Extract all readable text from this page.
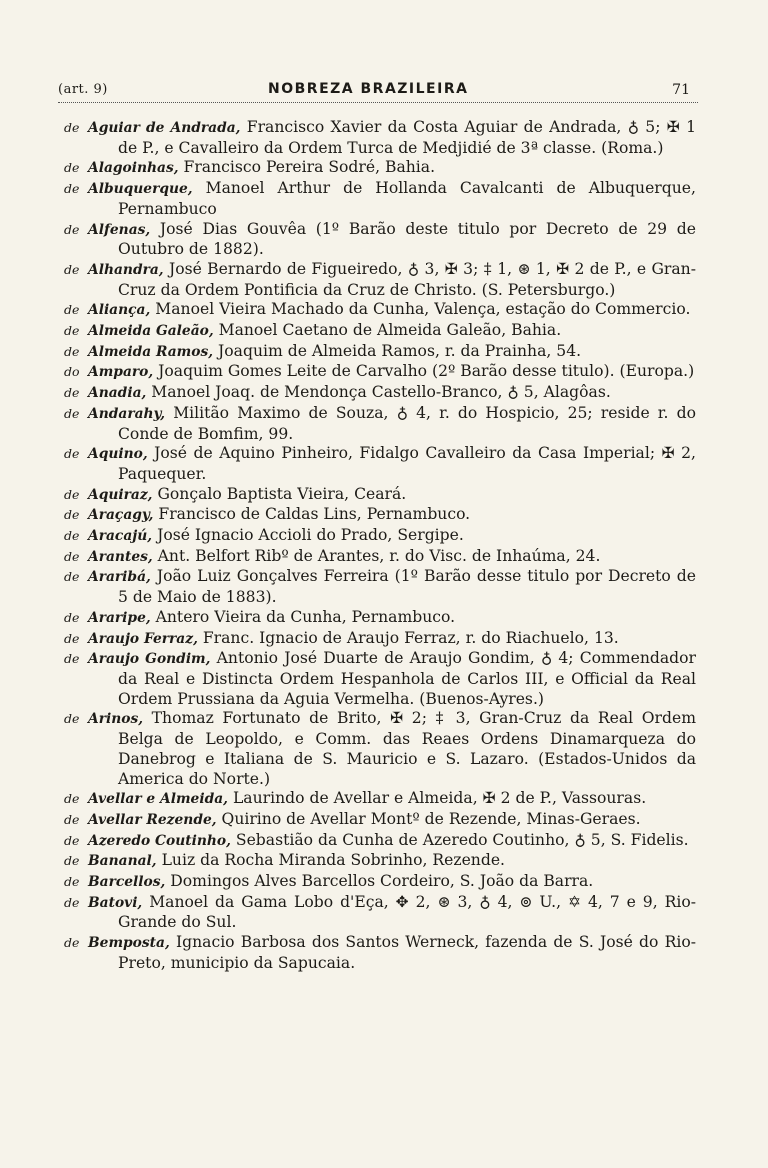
(art. 9)	NOBREZA BRAZILEIRA	71

de Aguiar de Andrada, Francisco Xavier da Costa Aguiar de Andrada, ♁ 5; ✠ 1 de P., e Cavalleiro da Ordem Turca de Medjidié de 3ª classe. (Roma.)

de Alagoinhas, Francisco Pereira Sodré, Bahia.

de Albuquerque, Manoel Arthur de Hollanda Cavalcanti de Albuquerque, Pernambuco

de Alfenas, José Dias Gouvêa (1º Barão deste titulo por Decreto de 29 de Outubro de 1882).

de Alhandra, José Bernardo de Figueiredo, ♁ 3, ✠ 3; ‡ 1, ⊛ 1, ✠ 2 de P., e Gran-Cruz da Ordem Pontificia da Cruz de Christo. (S. Petersburgo.)

de Aliança, Manoel Vieira Machado da Cunha, Valença, estação do Commercio.

de Almeida Galeão, Manoel Caetano de Almeida Galeão, Bahia.

de Almeida Ramos, Joaquim de Almeida Ramos, r. da Prainha, 54.

do Amparo, Joaquim Gomes Leite de Carvalho (2º Barão desse titulo). (Europa.)

de Anadia, Manoel Joaq. de Mendonça Castello-Branco, ♁ 5, Alagôas.

de Andarahy, Militão Maximo de Souza, ♁ 4, r. do Hospicio, 25; reside r. do Conde de Bomfim, 99.

de Aquino, José de Aquino Pinheiro, Fidalgo Cavalleiro da Casa Imperial; ✠ 2, Paquequer.

de Aquiraz, Gonçalo Baptista Vieira, Ceará.

de Araçagy, Francisco de Caldas Lins, Pernambuco.

de Aracajú, José Ignacio Accioli do Prado, Sergipe.

de Arantes, Ant. Belfort Ribº de Arantes, r. do Visc. de Inhaúma, 24.

de Araribá, João Luiz Gonçalves Ferreira (1º Barão desse titulo por Decreto de 5 de Maio de 1883).

de Araripe, Antero Vieira da Cunha, Pernambuco.

de Araujo Ferraz, Franc. Ignacio de Araujo Ferraz, r. do Riachuelo, 13.

de Araujo Gondim, Antonio José Duarte de Araujo Gondim, ♁ 4; Commendador da Real e Distincta Ordem Hespanhola de Carlos III, e Official da Real Ordem Prussiana da Aguia Vermelha. (Buenos-Ayres.)

de Arinos, Thomaz Fortunato de Brito, ✠ 2; ‡ 3, Gran-Cruz da Real Ordem Belga de Leopoldo, e Comm. das Reaes Ordens Dinamarqueza do Danebrog e Italiana de S. Mauricio e S. Lazaro. (Estados-Unidos da America do Norte.)

de Avellar e Almeida, Laurindo de Avellar e Almeida, ✠ 2 de P., Vassouras.

de Avellar Rezende, Quirino de Avellar Montº de Rezende, Minas-Geraes.

de Azeredo Coutinho, Sebastião da Cunha de Azeredo Coutinho, ♁ 5, S. Fidelis.

de Bananal, Luiz da Rocha Miranda Sobrinho, Rezende.

de Barcellos, Domingos Alves Barcellos Cordeiro, S. João da Barra.

de Batovi, Manoel da Gama Lobo d'Eça, ✥ 2, ⊛ 3, ♁ 4, ⊚ U., ✡ 4, 7 e 9, Rio-Grande do Sul.

de Bemposta, Ignacio Barbosa dos Santos Werneck, fazenda de S. José do Rio-Preto, municipio da Sapucaia.
